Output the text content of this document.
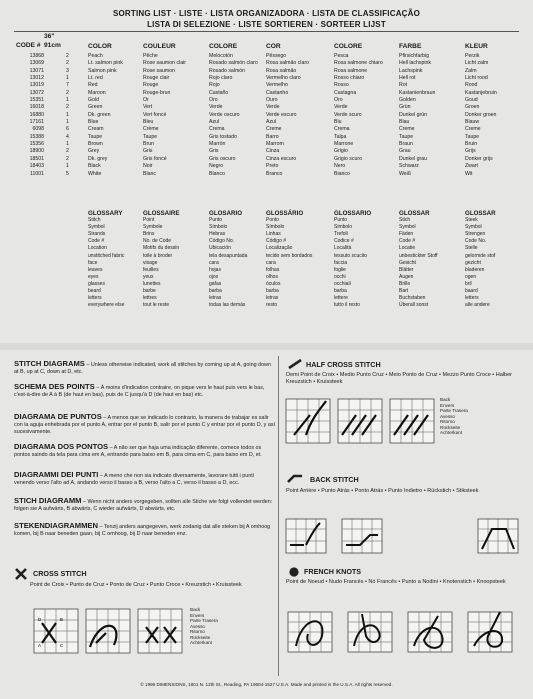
SORTING LIST · LISTE · LISTA ORGANIZADORA · LISTA DE CLASSIFICAÇÃO
LISTA DI SELEZIONE · LISTE SORTIEREN · SORTEER LIJST
36"
CODE # 91cm
13868
13069
13071
13012
13019
13072
15351
16018
16880
17161
6098
15388
15356
18900
18501
18403
11001
2
2
3
1
7
2
1
2
1
1
6
4
1
2
2
1
5
COLOR
Peach
Lt. salmon pink
Salmon pink
Lt. red
Red
Maroon
Gold
Green
Dk. green
Blue
Cream
Taupe
Brown
Grey
Dk. grey
Black
White
GLOSSARY
Stitch
Symbol
Strands
Code #
Location
unstitched fabric
face
leaves
eyes
glasses
beard
letters
everywhere else
COULEUR
Pêche
Rose saumon clair
Rose saumon
Rouge clair
Rouge
Rouge-brun
Or
Vert
Vert foncé
Bleu
Crème
Taupe
Brun
Gris
Gris foncé
Noir
Blanc
GLOSSAIRE
Point
Symbole
Brins
No. de Code
Motifs du dessin
toile à broder
visage
feuilles
yeux
lunettes
barbe
lettres
tout le reste
COLORE
Melocotón
Rosado salmón claro
Rosado salmón
Rojo claro
Rojo
Castaño
Oro
Verde
Verde oscuro
Azul
Crema
Gris tostado
Marrón
Gris
Gris oscuro
Negro
Blanco
GLOSARIO
Punto
Símbolo
Hebras
Código No.
Ubicación
tela desapuntada
cara
hojas
ojos
gafas
barba
letras
todas las demás
COR
Pêssego
Rosa salmão claro
Rosa salmão
Vermelho claro
Vermelho
Castanho
Ouro
Verde
Verde escuro
Azul
Creme
Barro
Marrom
Cinza
Cinza escuro
Preto
Branco
GLOSSÁRIO
Ponto
Símbolo
Linhas
Código #
Localização
tecido sem bordados
cara
folhas
olhos
óculos
barba
letras
resto
COLORE
Pesca
Rosa salmone chiaro
Rosa salmone
Rosso chiaro
Rosso
Castagna
Oro
Verde
Verde scuro
Blu
Crema
Talpa
Marrone
Grigio
Grigio scuro
Nero
Bianco
GLOSSARIO
Punto
Simbolo
Trefoli
Codice #
Località
tessuto scucito
faccia
foglie
occhi
occhiali
barba
lettere
tutto il resto
FARBE
Pfirsichfarbig
Hell lachspink
Lachspink
Hell rot
Rot
Kastanienbraun
Golden
Grün
Dunkel grün
Blau
Creme
Taupe
Braun
Grau
Dunkel grau
Schwarz
Weiß
GLOSSAR
Stich
Symbol
Fäden
Code #
Locatie
unbestickter Stoff
Gesicht
Blätter
Augen
Brille
Bart
Buchstaben
Überall sonst
KLEUR
Perzik
Licht zalm
Zalm
Licht rood
Rood
Kastanjebruin
Goud
Groen
Donker groen
Blauw
Creme
Taupe
Bruin
Grijs
Donker grijs
Zwart
Wit
GLOSSAR
Steek
Symbol
Strengen
Code No.
Stelle
gelormde stof
gezicht
bladeren
ogen
bril
baard
letters
alle andere
STITCH DIAGRAMS – Unless otherwise indicated, work all stitches by coming up at A, going down at B, up at C, down at D, etc.
SCHEMA DES POINTS – À moins d'indication contraire, on pique vers le haut puis vers le bas, c'est-à-dire de A à B (de haut en bas), puis de C jusqu'à D (de haut en bas) etc.
DIAGRAMA DE PUNTOS – A menos que se indicado lo contrario, la manera de trabajar es salir con la aguja enhebrada por el punto A, entrar por el punto B, salir por el punto C y entrar por el punto D, y así sucesivamente.
DIAGRAMA DOS PONTOS – A não ser que haja uma indicação diferente, comece todos os pontos saindo da tela para cima em A, entrando para baixo em B, para cima em C, para baixo em D, et.
DIAGRAMMI DEI PUNTI – A meno che non sia indicato diversamente, lavorare tutti i punti venendo verso l'alto ad A, andando verso il basso a B, verso l'alto a C, verso il basso a D, ecc.
STICH DIAGRAMM – Wenn nicht anders vorgegeben, sollten alle Stiche wie folgt vollendet werden: folgen sie A aufwärts, B abwärts, C wieder aufwärts, D abwärts, etc.
STEKENDIAGRAMMEN – Tenzij anders aangegeven, werk zodanig dat alle steken bij A omhoog komen, bij B naar beneden gaan, bij C omhoog, bij D naar beneden enz.
CROSS STITCH
Point de Croix • Punto de Cruz • Ponto de Cruz • Punto Croce • Kreuzstich • Kruissteek
A
B
D
C
Back
Envers
Parte Trasera
Avesso
Ritorno
Rückseite
Achterkant
HALF CROSS STITCH
Demi Point de Croix • Medio Punto Cruz • Meio Ponto de Cruz • Mezzo Punto Croce • Halber Kreuzstich • Kruissteek
Back
Envers
Parte Trasera
Avesso
Ritorno
Rückseite
Achterkant
BACK STITCH
Point Arrière • Punto Atrás • Ponto Atrás • Punto Indietro • Rückstich • Stiksteek
FRENCH KNOTS
Point de Noeud • Nudo Francés • Nó Francês • Punto a Nodini • Knotenstich • Knoopsteek
© 1999 DIMENSIONS, 1801 N. 12th St., Reading, PA 19604-1527 U.S.A. Made and printed in the U.S.A. All rights reserved.
